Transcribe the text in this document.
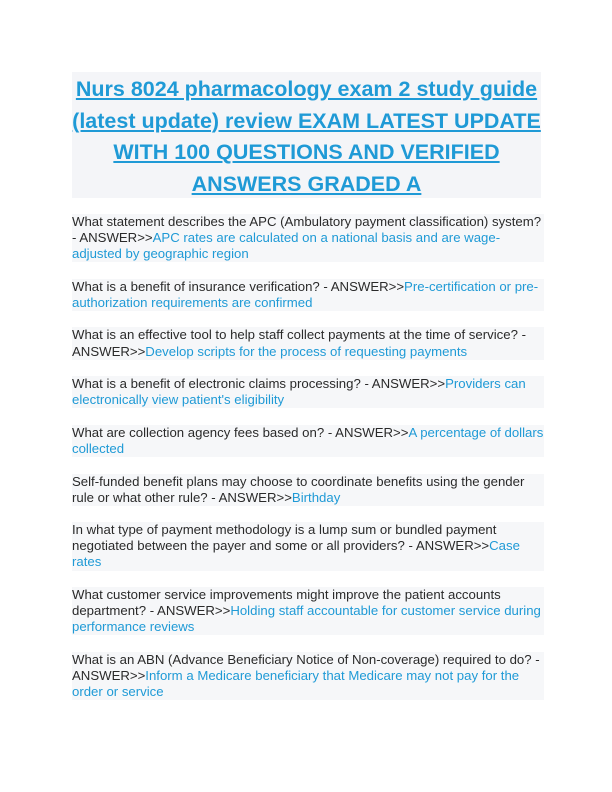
Nurs 8024 pharmacology exam 2 study guide (latest update) review EXAM LATEST UPDATE WITH 100 QUESTIONS AND VERIFIED ANSWERS GRADED A

What statement describes the APC (Ambulatory payment classification) system? - ANSWER>>APC rates are calculated on a national basis and are wage-adjusted by geographic region

What is a benefit of insurance verification? - ANSWER>>Pre-certification or pre-authorization requirements are confirmed

What is an effective tool to help staff collect payments at the time of service? - ANSWER>>Develop scripts for the process of requesting payments

What is a benefit of electronic claims processing? - ANSWER>>Providers can electronically view patient's eligibility

What are collection agency fees based on? - ANSWER>>A percentage of dollars collected

Self-funded benefit plans may choose to coordinate benefits using the gender rule or what other rule? - ANSWER>>Birthday

In what type of payment methodology is a lump sum or bundled payment negotiated between the payer and some or all providers? - ANSWER>>Case rates

What customer service improvements might improve the patient accounts department? - ANSWER>>Holding staff accountable for customer service during performance reviews

What is an ABN (Advance Beneficiary Notice of Non-coverage) required to do? - ANSWER>>Inform a Medicare beneficiary that Medicare may not pay for the order or service
